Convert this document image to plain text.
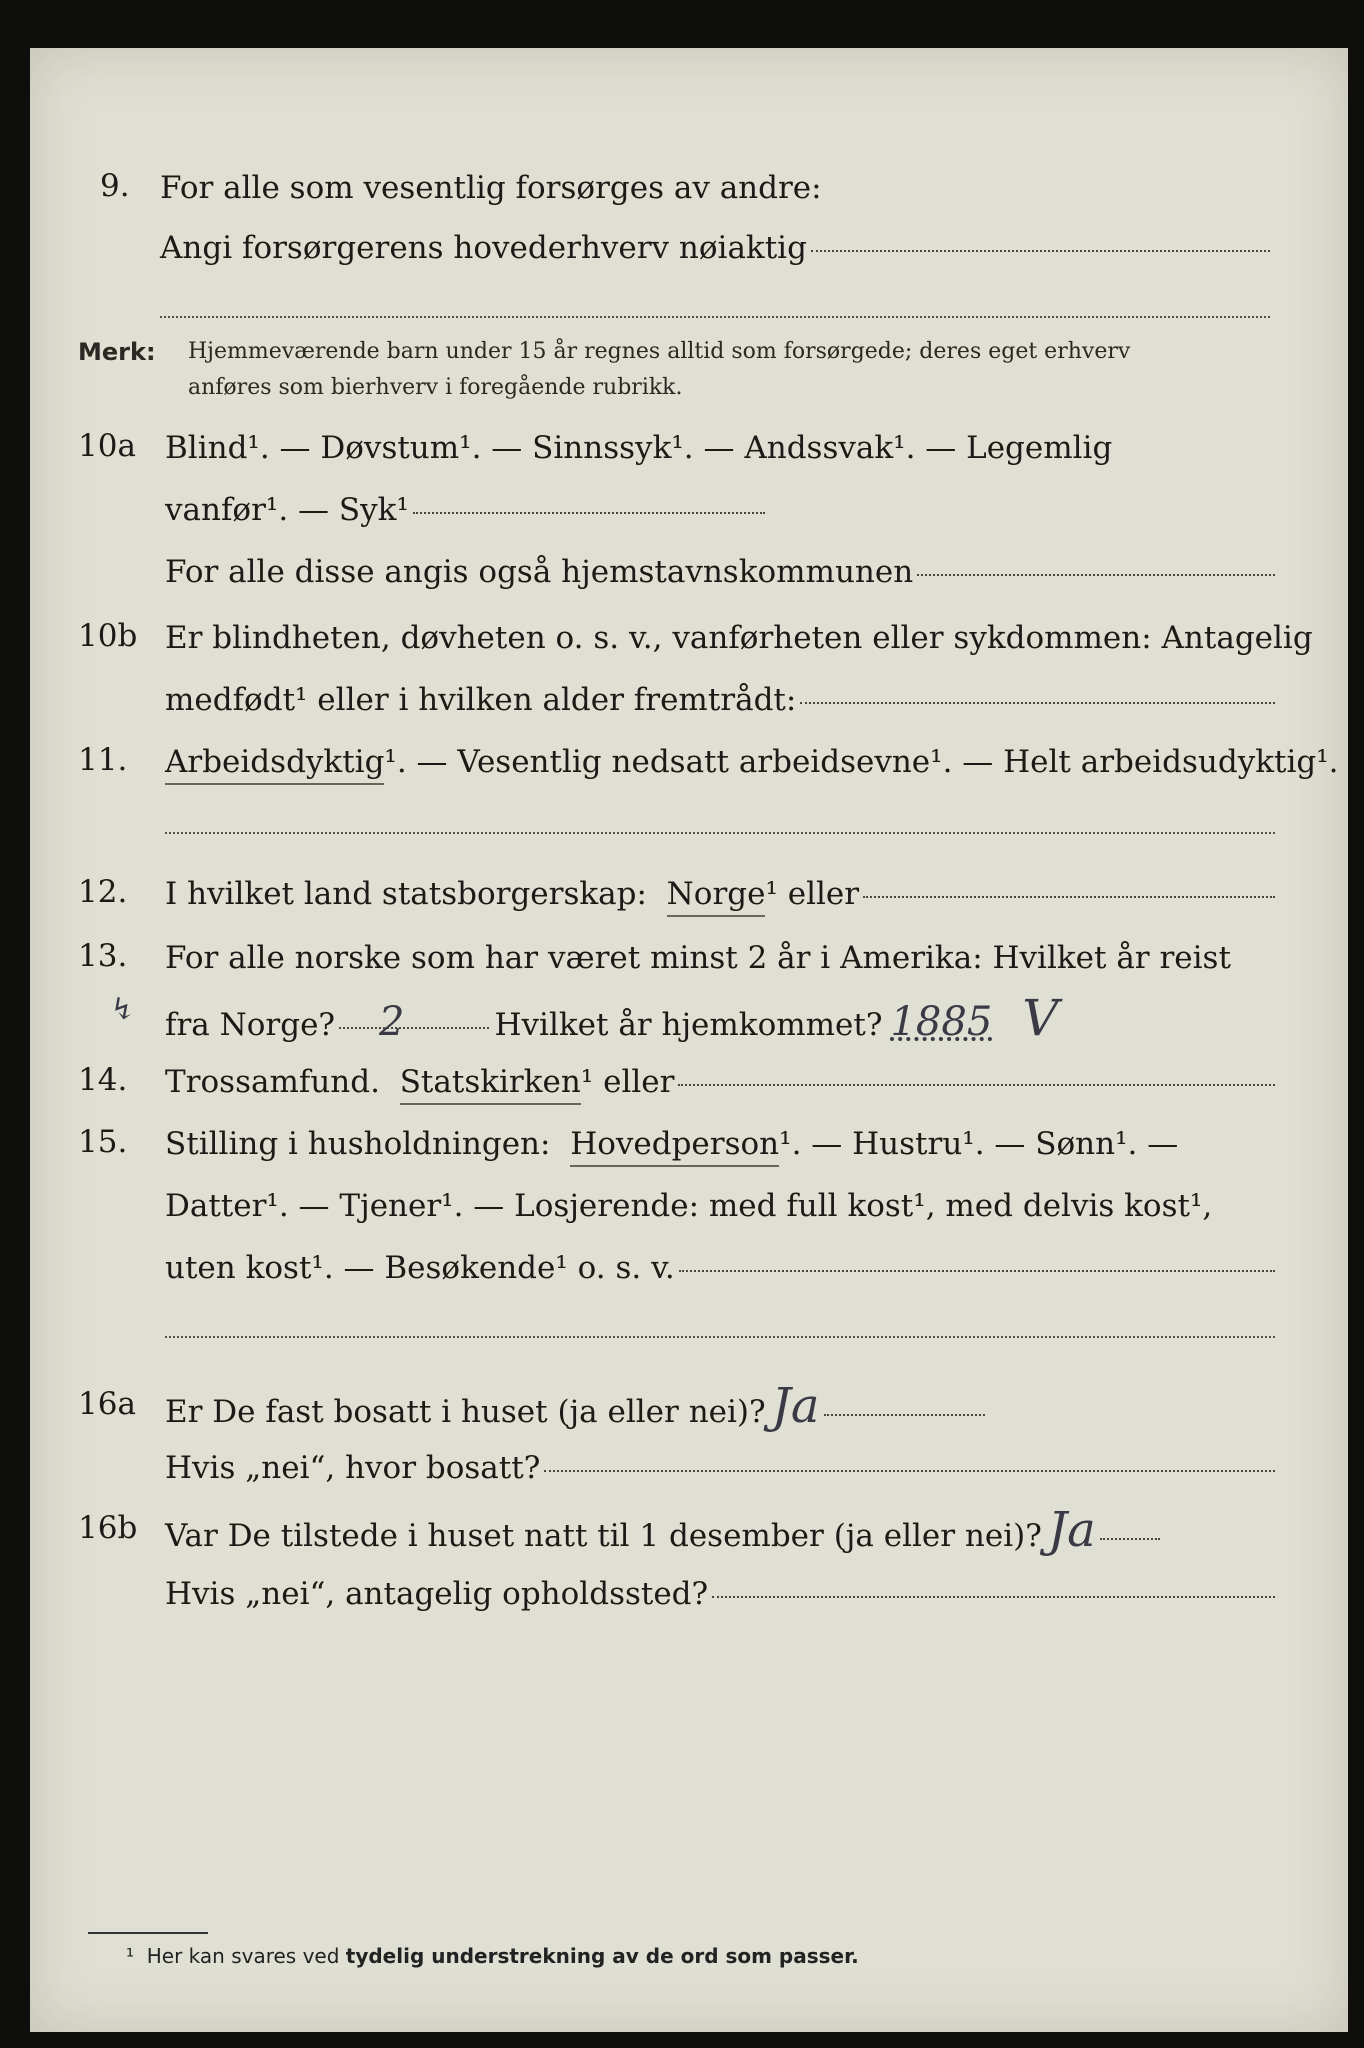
9. For alle som vesentlig forsørges av andre:
Angi forsørgerens hovederhverv nøiaktig
Merk: Hjemmeværende barn under 15 år regnes alltid som forsørgede; deres eget erhverv
anføres som bierhverv i foregående rubrikk.
10a Blind¹. — Døvstum¹. — Sinnssyk¹. — Andssvak¹. — Legemlig
vanfør¹. — Syk¹
For alle disse angis også hjemstavnskommunen
10b Er blindheten, døvheten o. s. v., vanførheten eller sykdommen: Antagelig
medfødt¹ eller i hvilken alder fremtrådt:
11.	Arbeidsdyktig ¹. — Vesentlig nedsatt arbeidsevne¹. — Helt arbeidsudyktig¹.
12.	I hvilket land statsborgerskap:
Norge ¹ eller
13.	For alle norske som har været minst 2 år i Amerika: Hvilket år reist
↯ fra Norge? 2	Hvilket år hjemkommet? 1885 V
14.	Trossamfund.
Statskirken ¹ eller
15.	Stilling i husholdningen:
Hovedperson ¹. — Hustru¹. — Sønn¹. —
Datter¹. — Tjener¹. — Losjerende: med full kost¹, med delvis kost¹,
uten kost¹. — Besøkende¹ o. s. v.
16a Er De fast bosatt i huset (ja eller nei)? Ja
Hvis „nei“, hvor bosatt?
16b Var De tilstede i huset natt til 1 desember (ja eller nei)? Ja
Hvis „nei“, antagelig opholdssted?
¹ Her kan svares ved tydelig understrekning av de ord som passer.
